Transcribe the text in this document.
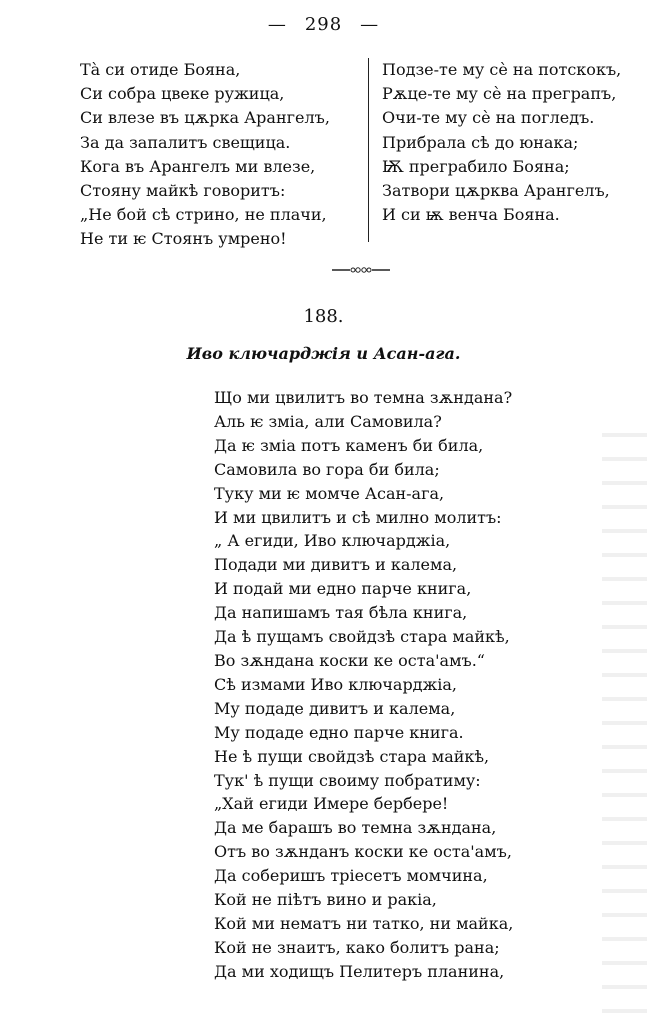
— 298 —
Тà си отиде Бояна,
Си собра цвеке ружица,
Си влезе въ цѫрка Арангелъ,
За да запалитъ свещица.
Кога въ Арангелъ ми влезе,
Стояну майкѣ говоритъ:
„Не бой сѣ стрино, не плачи,
Не ти ѥ Стоянъ умрено!
Подзе-те му сѐ на потскокъ,
Рѫце-те му сѐ на преграпъ,
Очи-те му сѐ на погледъ.
Прибрала сѣ до юнака;
Ѭ преграбило Бояна;
Затвори цѫрква Арангелъ,
И си ѭ венча Бояна.
188.
Иво ключарджія и Асан-ага.
Що ми цвилитъ во темна зѫндана?
Аль ѥ змiа, али Самовила?
Да ѥ змiа потъ каменъ би била,
Самовила во гора би била;
Туку ми ѥ момче Асан-ага,
И ми цвилитъ и сѣ милно молитъ:
„ А егиди, Иво ключарджiа,
Подади ми дивитъ и калема,
И подай ми едно парче книга,
Да напишамъ тая бѣла книга,
Да ѣ пущамъ свойдзѣ стара майкѣ,
Во зѫндана коски ке оста'амъ.“
Сѣ измами Иво ключарджiа,
Му подаде дивитъ и калема,
Му подаде едно парче книга.
Не ѣ пущи свойдзѣ стара майкѣ,
Тук' ѣ пущи своиму побратиму:
„Хай егиди Имере бербере!
Да ме барашъ во темна зѫндана,
Отъ во зѫнданъ коски ке оста'амъ,
Да соберишъ трiесетъ момчина,
Кой не пiѣтъ вино и ракiа,
Кой ми нематъ ни татко, ни майка,
Кой не знаитъ, како болитъ рана;
Да ми ходищъ Пелитеръ планина,
